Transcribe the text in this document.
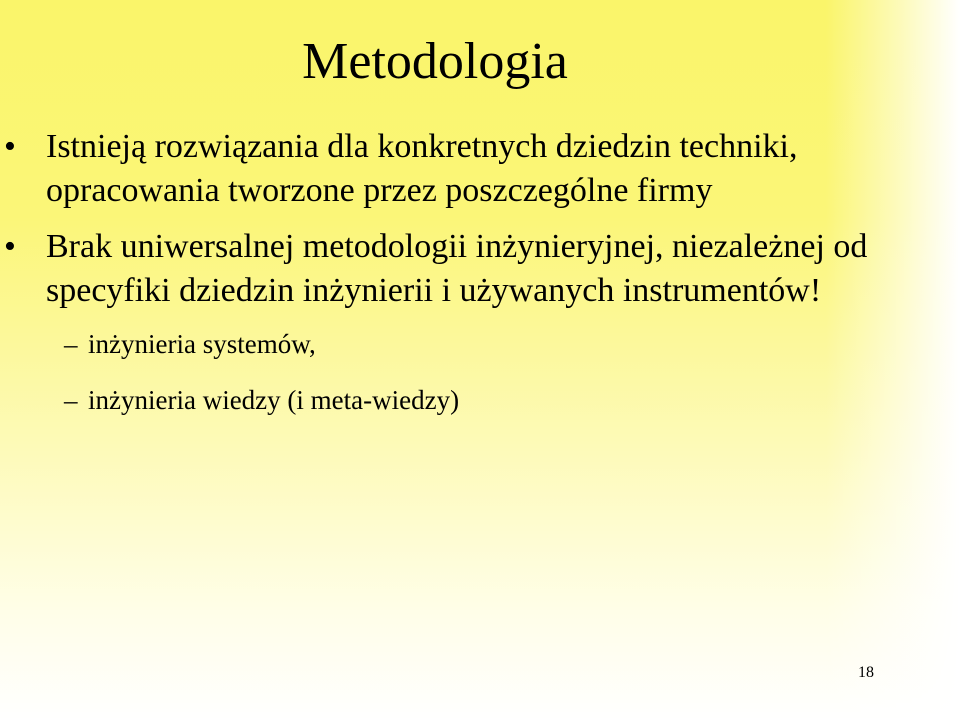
Metodologia
• Istnieją rozwiązania dla konkretnych dziedzin techniki, opracowania tworzone przez poszczególne firmy
• Brak uniwersalnej metodologii inżynieryjnej, niezależnej od specyfiki dziedzin inżynierii i używanych instrumentów!
– inżynieria systemów,
– inżynieria wiedzy (i meta-wiedzy)
18
